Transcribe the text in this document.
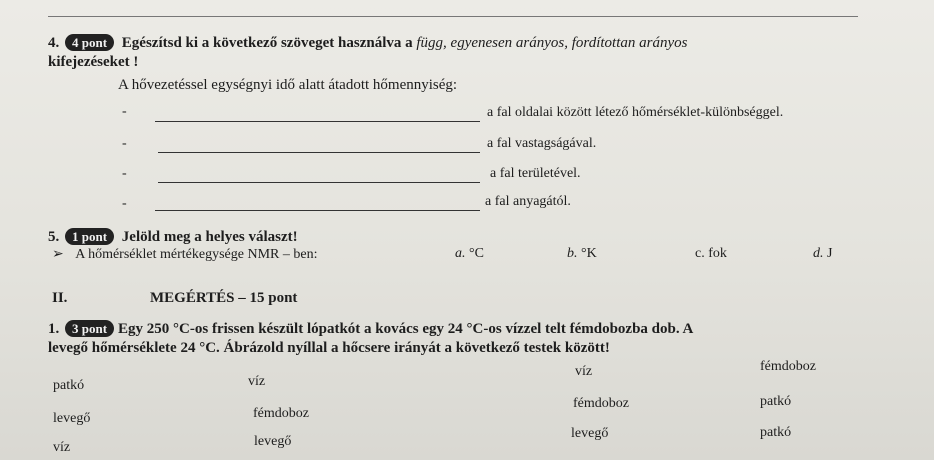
4. 4 pont Egészítsd ki a következő szöveget használva a függ, egyenesen arányos, fordítottan arányos
kifejezéseket !
A hővezetéssel egységnyi idő alatt átadott hőmennyiség:
-	a fal oldalai között létező hőmérséklet-különbséggel.
-	a fal vastagságával.
-	a fal területével.
-	a fal anyagától.
5. 1 pont Jelöld meg a helyes választ!
➢ A hőmérséklet mértékegysége NMR – ben:	a. °C	b. °K	c. fok	d. J
II.	MEGÉRTÉS – 15 pont
1. 3 pont Egy 250 °C-os frissen készült lópatkót a kovács egy 24 °C-os vízzel telt fémdobozba dob. A
levegő hőmérséklete 24 °C. Ábrázold nyíllal a hőcsere irányát a következő testek között!
patkó	víz
levegő	fémdoboz
víz	levegő
víz	fémdoboz
fémdoboz	patkó
levegő	patkó
